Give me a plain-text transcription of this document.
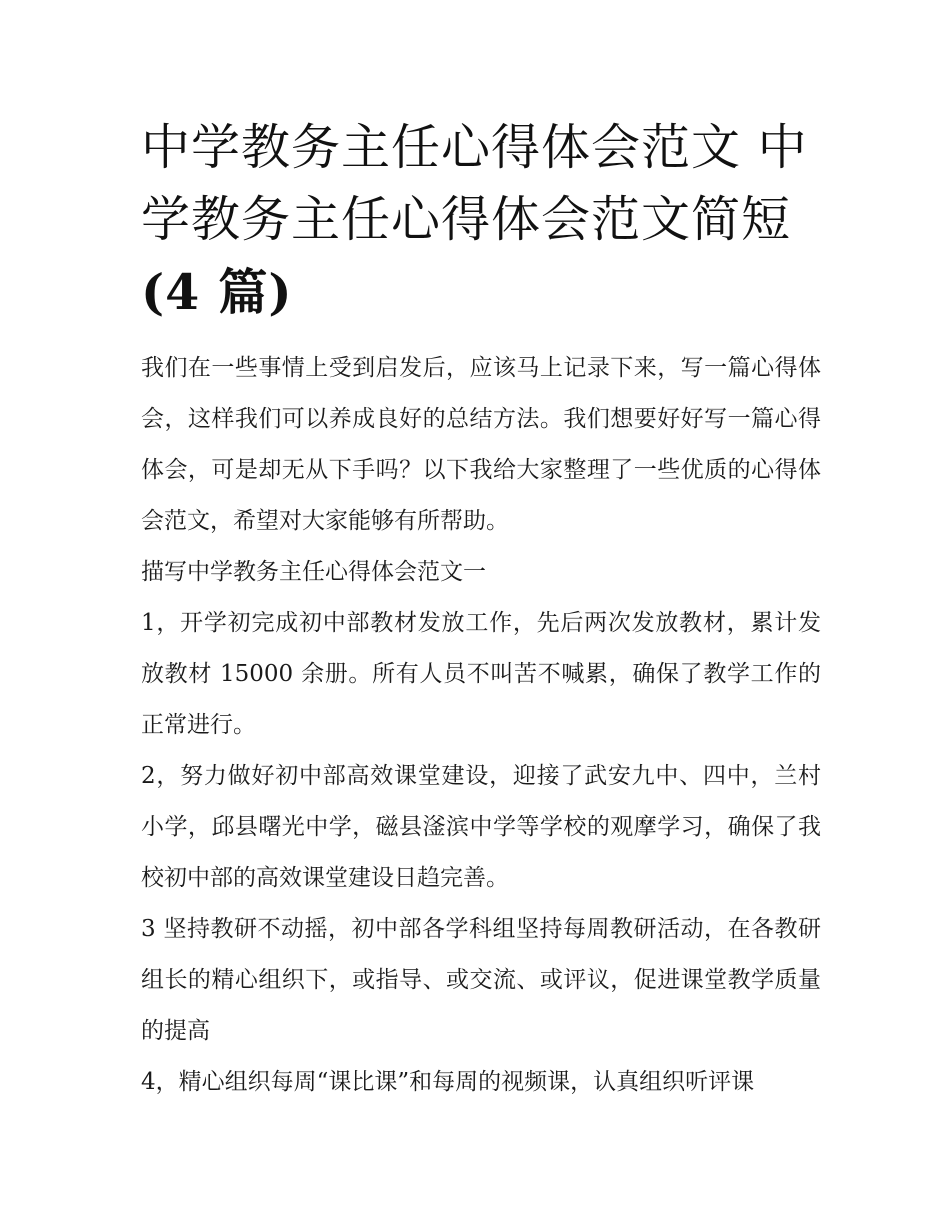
中学教务主任心得体会范文 中
学教务主任心得体会范文简短
(4 篇)

我们在一些事情上受到启发后，应该马上记录下来，写一篇心得体会，这样我们可以养成良好的总结方法。我们想要好好写一篇心得体会，可是却无从下手吗？以下我给大家整理了一些优质的心得体会范文，希望对大家能够有所帮助。

描写中学教务主任心得体会范文一

1，开学初完成初中部教材发放工作，先后两次发放教材，累计发放教材 15000 余册。所有人员不叫苦不喊累，确保了教学工作的正常进行。

2，努力做好初中部高效课堂建设，迎接了武安九中、四中，兰村小学，邱县曙光中学，磁县滏滨中学等学校的观摩学习，确保了我校初中部的高效课堂建设日趋完善。

3 坚持教研不动摇，初中部各学科组坚持每周教研活动，在各教研组长的精心组织下，或指导、或交流、或评议，促进课堂教学质量的提高

4，精心组织每周“课比课”和每周的视频课，认真组织听评课
